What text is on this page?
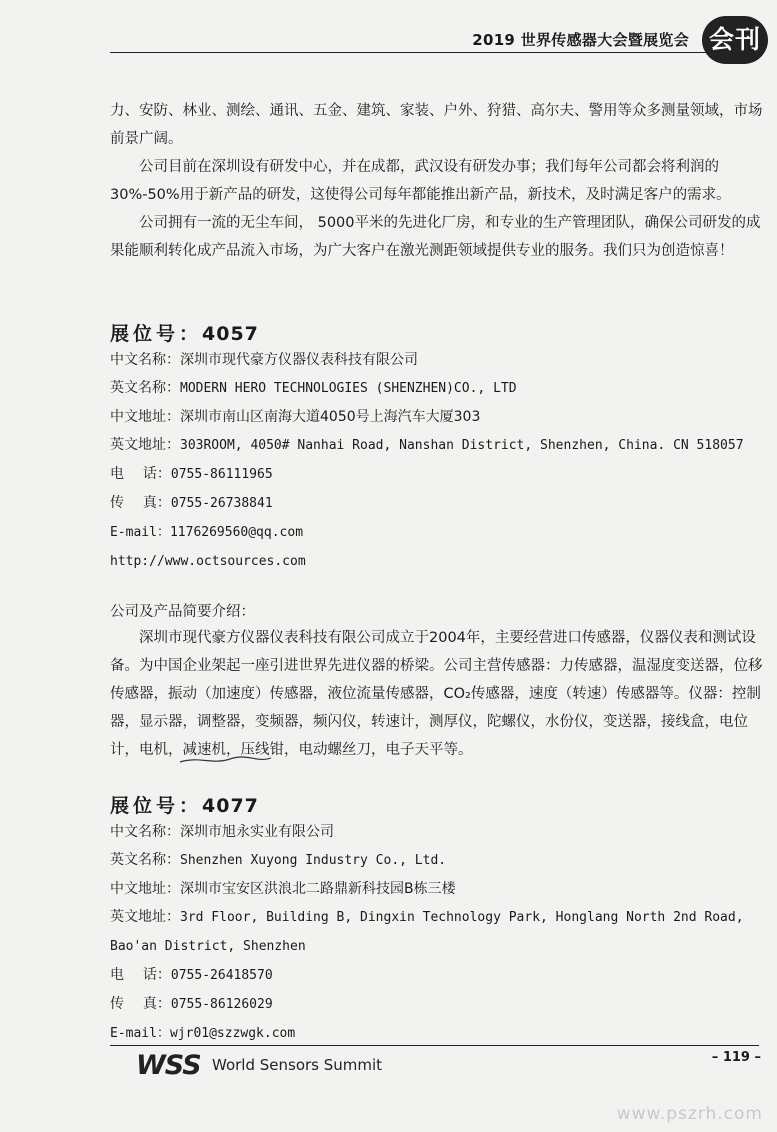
2019 世界传感器大会暨展览会 会刊

力、安防、林业、测绘、通讯、五金、建筑、家装、户外、狩猎、高尔夫、警用等众多测量领域，市场前景广阔。

公司目前在深圳设有研发中心，并在成都，武汉设有研发办事；我们每年公司都会将利润的30%-50%用于新产品的研发，这使得公司每年都能推出新产品，新技术，及时满足客户的需求。

公司拥有一流的无尘车间， 5000平米的先进化厂房，和专业的生产管理团队，确保公司研发的成果能顺利转化成产品流入市场，为广大客户在激光测距领域提供专业的服务。我们只为创造惊喜！

展位号：4057
中文名称：深圳市现代豪方仪器仪表科技有限公司
英文名称：MODERN HERO TECHNOLOGIES (SHENZHEN)CO., LTD
中文地址：深圳市南山区南海大道4050号上海汽车大厦303
英文地址：303ROOM, 4050# Nanhai Road, Nanshan District, Shenzhen, China. CN 518057
电 话：0755-86111965
传 真：0755-26738841
E-mail：1176269560@qq.com
http://www.octsources.com
公司及产品简要介绍：

深圳市现代豪方仪器仪表科技有限公司成立于2004年，主要经营进口传感器，仪器仪表和测试设备。为中国企业架起一座引进世界先进仪器的桥梁。公司主营传感器：力传感器，温湿度变送器，位移传感器，振动（加速度）传感器，液位流量传感器，CO₂传感器，速度（转速）传感器等。仪器：控制器，显示器，调整器，变频器，频闪仪，转速计，测厚仪，陀螺仪，水份仪，变送器，接线盒，电位计，电机，减速机，压线钳，电动螺丝刀，电子天平等。

展位号：4077
中文名称：深圳市旭永实业有限公司
英文名称：Shenzhen Xuyong Industry Co., Ltd.
中文地址：深圳市宝安区洪浪北二路鼎新科技园B栋三楼
英文地址：3rd Floor, Building B, Dingxin Technology Park, Honglang North 2nd Road, Bao'an District, Shenzhen
电 话：0755-26418570
传 真：0755-86126029
E-mail：wjr01@szzwgk.com
WSS World Sensors Summit	– 119 –
www.pszrh.com
